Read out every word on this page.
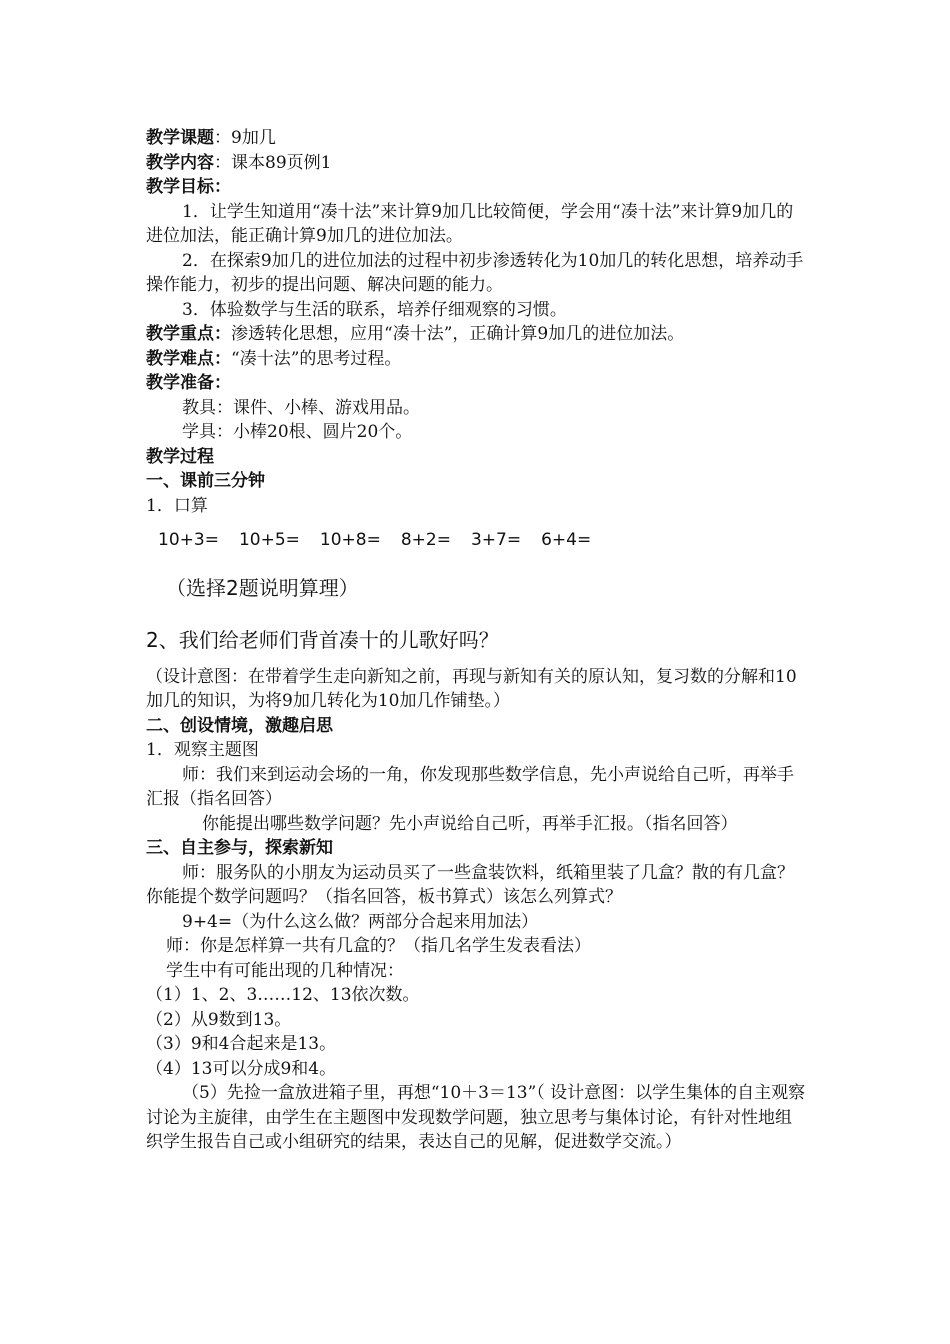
教学课题：9加几

教学内容：课本89页例1

教学目标：

1．让学生知道用“凑十法”来计算9加几比较简便，学会用“凑十法”来计算9加几的进位加法，能正确计算9加几的进位加法。

2．在探索9加几的进位加法的过程中初步渗透转化为10加几的转化思想，培养动手操作能力，初步的提出问题、解决问题的能力。

3．体验数学与生活的联系，培养仔细观察的习惯。

教学重点：渗透转化思想，应用“凑十法”，正确计算9加几的进位加法。

教学难点：“凑十法”的思考过程。

教学准备：

教具：课件、小棒、游戏用品。

学具：小棒20根、圆片20个。

教学过程

一、课前三分钟

1．口算

10+3= 10+5= 10+8= 8+2= 3+7= 6+4=

（选择2题说明算理）

2、我们给老师们背首凑十的儿歌好吗？

（设计意图：在带着学生走向新知之前，再现与新知有关的原认知，复习数的分解和10加几的知识，为将9加几转化为10加几作铺垫。）

二、创设情境，激趣启思

1．观察主题图

师：我们来到运动会场的一角，你发现那些数学信息，先小声说给自己听，再举手汇报（指名回答）

你能提出哪些数学问题？先小声说给自己听，再举手汇报。（指名回答）

三、自主参与，探索新知

师：服务队的小朋友为运动员买了一些盒装饮料，纸箱里装了几盒？散的有几盒？你能提个数学问题吗？（指名回答，板书算式）该怎么列算式？

9+4=（为什么这么做？两部分合起来用加法）

师：你是怎样算一共有几盒的？（指几名学生发表看法）

学生中有可能出现的几种情况：

（1）1、2、3……12、13依次数。

（2）从9数到13。

（3）9和4合起来是13。

（4）13可以分成9和4。

（5）先捡一盒放进箱子里，再想“10＋3＝13”（ 设计意图：以学生集体的自主观察讨论为主旋律，由学生在主题图中发现数学问题，独立思考与集体讨论，有针对性地组织学生报告自己或小组研究的结果，表达自己的见解，促进数学交流。）
